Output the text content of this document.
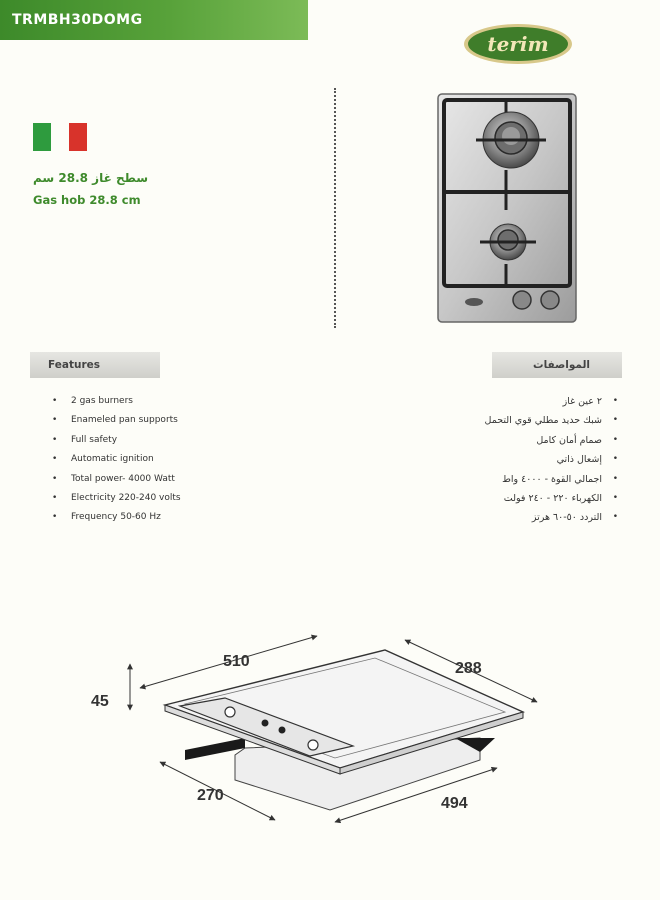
TRMBH30DOMG
terim
سطح غاز 28.8 سم
Gas hob 28.8 cm
Features	المواصفات
•	2 gas burners
•	Enameled pan supports
•	Full safety
•	Automatic ignition
•	Total power- 4000 Watt
•	Electricity 220-240 volts
•	Frequency 50-60 Hz
•
٢ عين غاز
•
شبك حديد مطلي قوي التحمل
•
صمام أمان كامل
•
إشعال ذاتي
•
اجمالي القوة - ٤٠٠٠ واط
•
الكهرباء ٢٢٠ - ٢٤٠ فولت
•
التردد ٥٠-٦٠ هرتز
510	288
45
270	494
